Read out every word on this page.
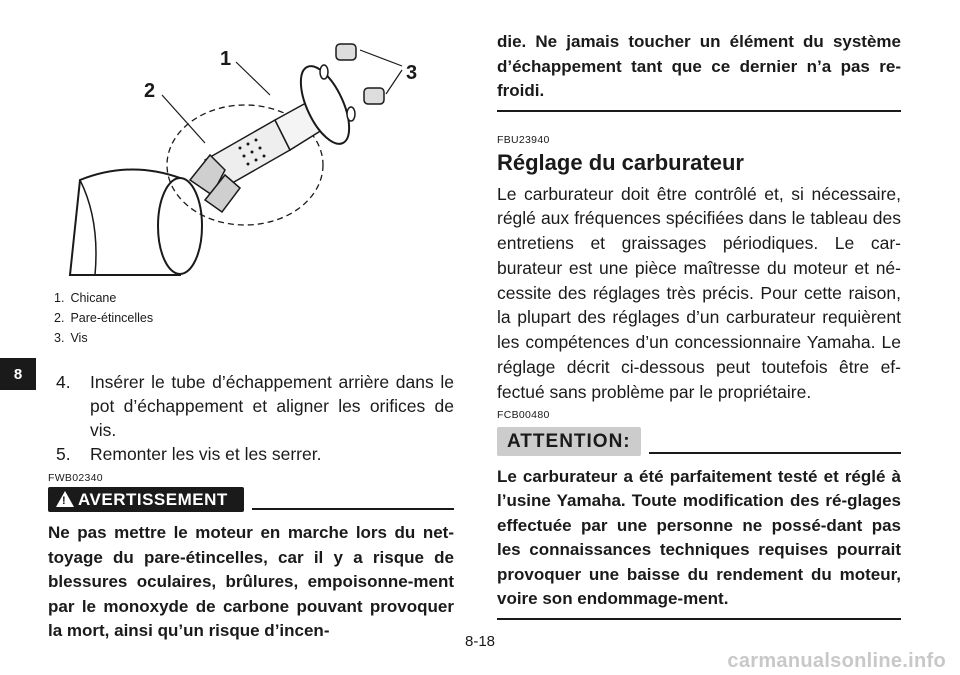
8
1
2
3
1. Chicane
2. Pare-étincelles
3. Vis
4.	Insérer le tube d’échappement arrière dans le pot d’échappement et aligner les orifices de vis.
5.	Remonter les vis et les serrer.
FWB02340
! AVERTISSEMENT
Ne pas mettre le moteur en marche lors du net-toyage du pare-étincelles, car il y a risque de blessures oculaires, brûlures, empoisonne-ment par le monoxyde de carbone pouvant provoquer la mort, ainsi qu’un risque d’incen-
die. Ne jamais toucher un élément du système d’échappement tant que ce dernier n’a pas re-froidi.
FBU23940
Réglage du carburateur
Le carburateur doit être contrôlé et, si nécessaire, réglé aux fréquences spécifiées dans le tableau des entretiens et graissages périodiques. Le car-burateur est une pièce maîtresse du moteur et né-cessite des réglages très précis. Pour cette raison, la plupart des réglages d’un carburateur requièrent les compétences d’un concessionnaire Yamaha. Le réglage décrit ci-dessous peut toutefois être ef-fectué sans problème par le propriétaire.
FCB00480
ATTENTION:
Le carburateur a été parfaitement testé et réglé à l’usine Yamaha. Toute modification des ré-glages effectuée par une personne ne possé-dant pas les connaissances techniques requises pourrait provoquer une baisse du rendement du moteur, voire son endommage-ment.
8-18
carmanualsonline.info
